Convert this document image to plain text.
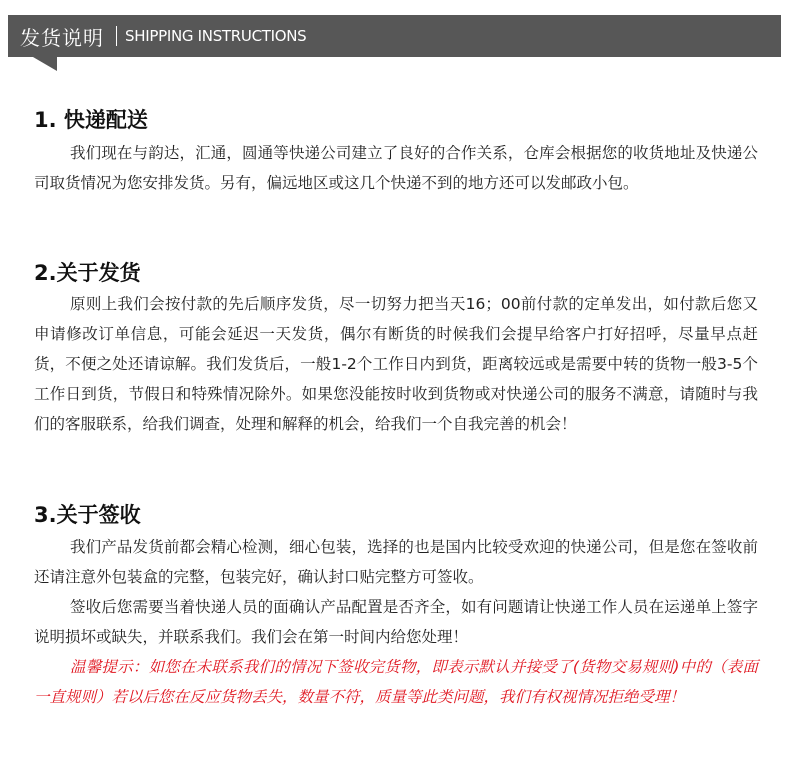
发货说明 SHIPPING INSTRUCTIONS
1. 快递配送
我们现在与韵达，汇通，圆通等快递公司建立了良好的合作关系，仓库会根据您的收货地址及快递公司取货情况为您安排发货。另有，偏远地区或这几个快递不到的地方还可以发邮政小包。
2.关于发货
原则上我们会按付款的先后顺序发货，尽一切努力把当天16；00前付款的定单发出，如付款后您又申请修改订单信息，可能会延迟一天发货，偶尔有断货的时候我们会提早给客户打好招呼，尽量早点赶货，不便之处还请谅解。我们发货后，一般1-2个工作日内到货，距离较远或是需要中转的货物一般3-5个工作日到货，节假日和特殊情况除外。如果您没能按时收到货物或对快递公司的服务不满意，请随时与我们的客服联系，给我们调查，处理和解释的机会，给我们一个自我完善的机会！
3.关于签收
我们产品发货前都会精心检测，细心包装，选择的也是国内比较受欢迎的快递公司，但是您在签收前还请注意外包装盒的完整，包装完好，确认封口贴完整方可签收。
签收后您需要当着快递人员的面确认产品配置是否齐全，如有问题请让快递工作人员在运递单上签字说明损坏或缺失，并联系我们。我们会在第一时间内给您处理！
温馨提示：如您在未联系我们的情况下签收完货物，即表示默认并接受了(货物交易规则)中的（表面一直规则）若以后您在反应货物丢失，数量不符，质量等此类问题，我们有权视情况拒绝受理！
